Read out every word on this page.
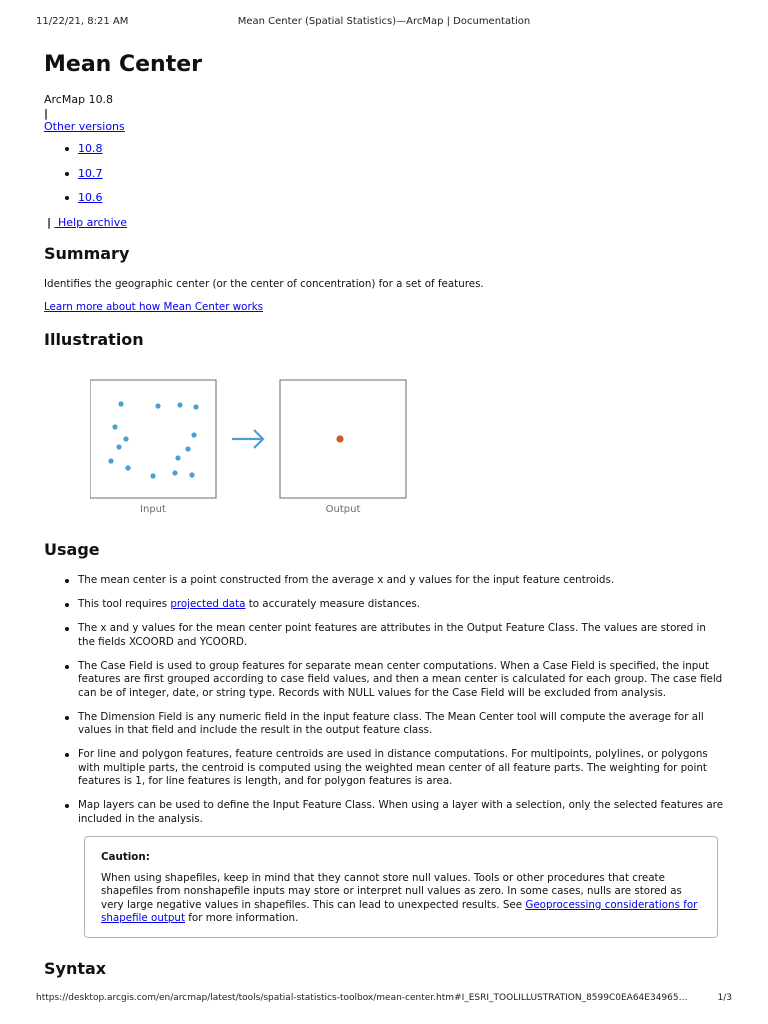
11/22/21, 8:21 AM	Mean Center (Spatial Statistics)—ArcMap | Documentation
Mean Center
ArcMap 10.8
|
Other versions
10.8
10.7
10.6
|  Help archive
Summary
Identifies the geographic center (or the center of concentration) for a set of features.
Learn more about how Mean Center works
Illustration
Input	Output
Usage
The mean center is a point constructed from the average x and y values for the input feature centroids.
This tool requires projected data to accurately measure distances.
The x and y values for the mean center point features are attributes in the Output Feature Class. The values are stored in the fields XCOORD and YCOORD.
The Case Field is used to group features for separate mean center computations. When a Case Field is specified, the input features are first grouped according to case field values, and then a mean center is calculated for each group. The case field can be of integer, date, or string type. Records with NULL values for the Case Field will be excluded from analysis.
The Dimension Field is any numeric field in the input feature class. The Mean Center tool will compute the average for all values in that field and include the result in the output feature class.
For line and polygon features, feature centroids are used in distance computations. For multipoints, polylines, or polygons with multiple parts, the centroid is computed using the weighted mean center of all feature parts. The weighting for point features is 1, for line features is length, and for polygon features is area.
Map layers can be used to define the Input Feature Class. When using a layer with a selection, only the selected features are included in the analysis.
Caution:
When using shapefiles, keep in mind that they cannot store null values. Tools or other procedures that create shapefiles from nonshapefile inputs may store or interpret null values as zero. In some cases, nulls are stored as very large negative values in shapefiles. This can lead to unexpected results. See Geoprocessing considerations for shapefile output for more information.
Syntax
https://desktop.arcgis.com/en/arcmap/latest/tools/spatial-statistics-toolbox/mean-center.htm#I_ESRI_TOOLILLUSTRATION_8599C0EA64E34965…	1/3
